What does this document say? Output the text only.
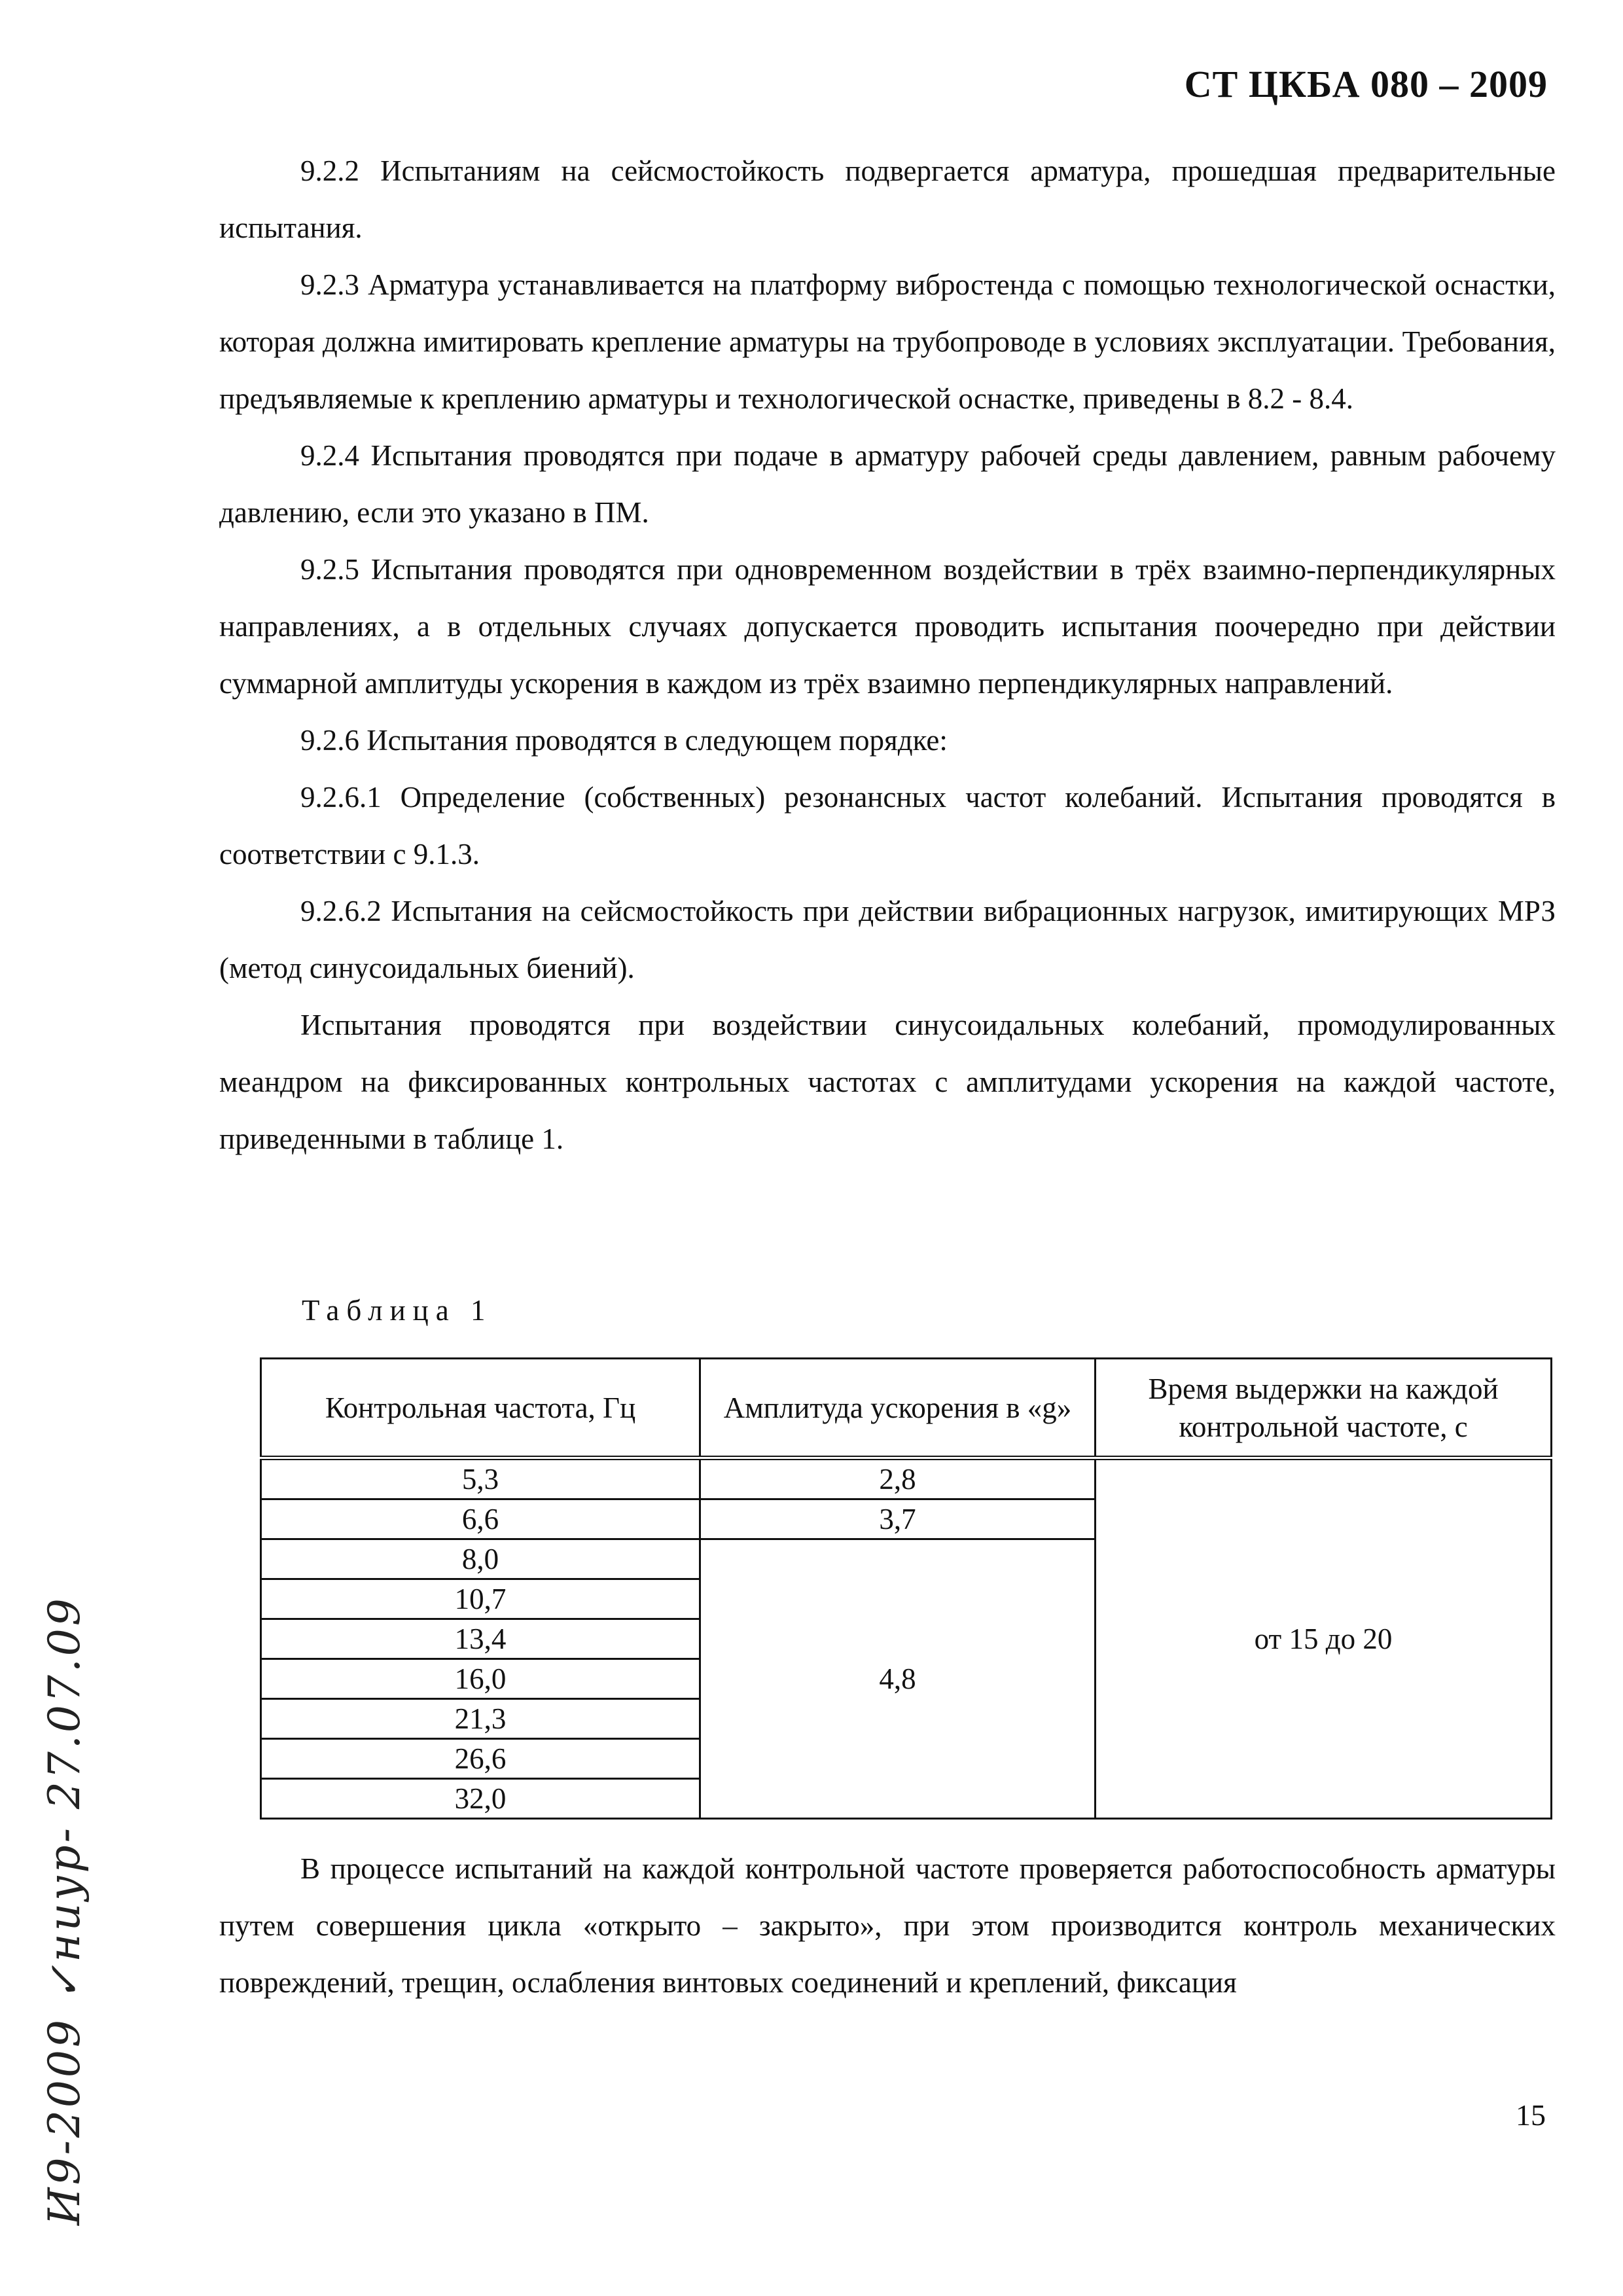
СТ ЦКБА 080 – 2009

9.2.2 Испытаниям на сейсмостойкость подвергается арматура, прошедшая предварительные испытания.

9.2.3 Арматура устанавливается на платформу вибростенда с помощью технологической оснастки, которая должна имитировать крепление арматуры на трубопроводе в условиях эксплуатации. Требования, предъявляемые к креплению арматуры и технологической оснастке, приведены в 8.2 - 8.4.

9.2.4 Испытания проводятся при подаче в арматуру рабочей среды давлением, равным рабочему давлению, если это указано в ПМ.

9.2.5 Испытания проводятся при одновременном воздействии в трёх взаимно-перпендикулярных направлениях, а в отдельных случаях допускается проводить испытания поочередно при действии суммарной амплитуды ускорения в каждом из трёх взаимно перпендикулярных направлений.

9.2.6 Испытания проводятся в следующем порядке:

9.2.6.1 Определение (собственных) резонансных частот колебаний. Испытания проводятся в соответствии с 9.1.3.

9.2.6.2 Испытания на сейсмостойкость при действии вибрационных нагрузок, имитирующих МРЗ (метод синусоидальных биений).

Испытания проводятся при воздействии синусоидальных колебаний, промодулированных меандром на фиксированных контрольных частотах с амплитудами ускорения на каждой частоте, приведенными в таблице 1.

Таблица 1
Контрольная частота, Гц	Амплитуда ускорения в «g»	Время выдержки на каждой контрольной частоте, с
5,3	2,8	от 15 до 20
6,6	3,7	
8,0	4,8	
10,7		
13,4		
16,0		
21,3		
26,6		
32,0		

В процессе испытаний на каждой контрольной частоте проверяется работоспособность арматуры путем совершения цикла «открыто – закрыто», при этом производится контроль механических повреждений, трещин, ослабления винтовых соединений и креплений, фиксация

15
И9-2009 ✓ниур- 27.07.09
